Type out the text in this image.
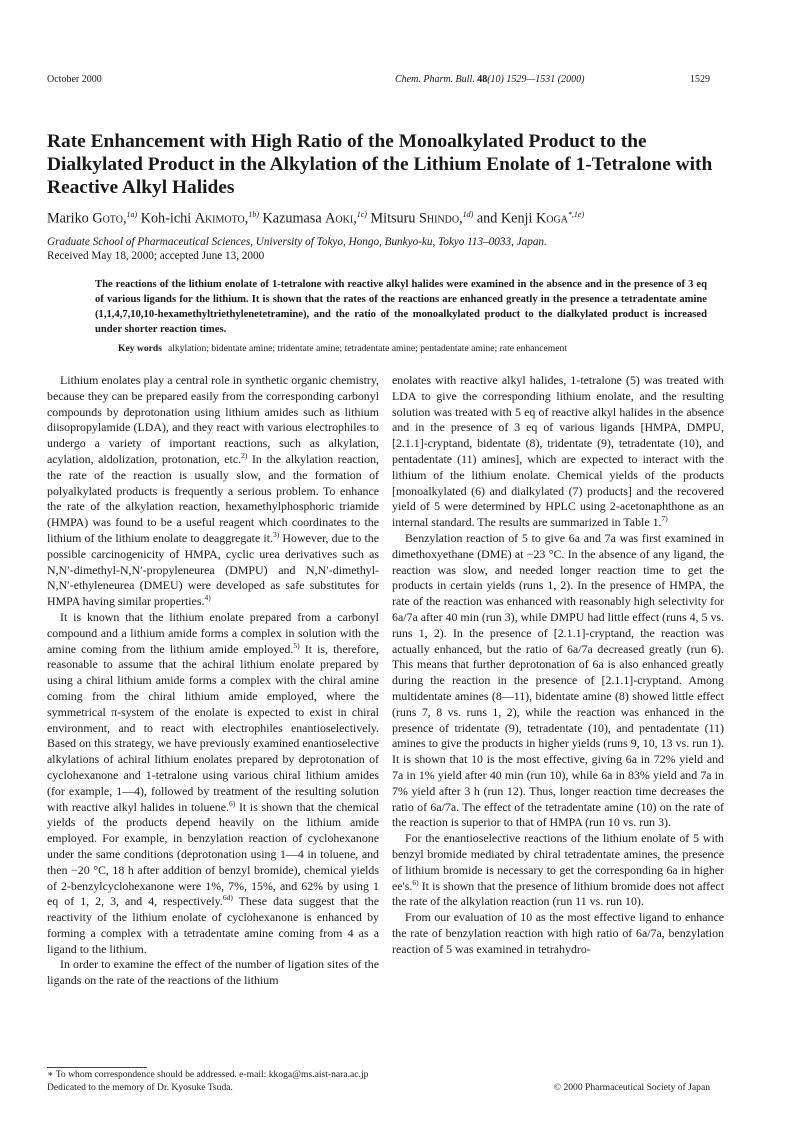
October 2000	Chem. Pharm. Bull. 48(10) 1529—1531 (2000)	1529
Rate Enhancement with High Ratio of the Monoalkylated Product to the Dialkylated Product in the Alkylation of the Lithium Enolate of 1-Tetralone with Reactive Alkyl Halides
Mariko Goto,$^{1a)}$ Koh-ichi Akimoto,$^{1b)}$ Kazumasa Aoki,$^{1c)}$ Mitsuru Shindo,$^{1d)}$ and Kenji Koga$^{*,1e)}$
Graduate School of Pharmaceutical Sciences, University of Tokyo, Hongo, Bunkyo-ku, Tokyo 113–0033, Japan.
Received May 18, 2000; accepted June 13, 2000

The reactions of the lithium enolate of 1-tetralone with reactive alkyl halides were examined in the absence and in the presence of 3 eq of various ligands for the lithium. It is shown that the rates of the reactions are enhanced greatly in the presence a tetradentate amine (1,1,4,7,10,10-hexamethyltriethylenetetramine), and the ratio of the monoalkylated product to the dialkylated product is increased under shorter reaction times.

Key words alkylation; bidentate amine; tridentate amine; tetradentate amine; pentadentate amine; rate enhancement

Lithium enolates play a central role in synthetic organic chemistry, because they can be prepared easily from the corresponding carbonyl compounds by deprotonation using lithium amides such as lithium diisopropylamide (LDA), and they react with various electrophiles to undergo a variety of important reactions, such as alkylation, acylation, aldolization, protonation, etc.$^{2)}$ In the alkylation reaction, the rate of the reaction is usually slow, and the formation of polyalkylated products is frequently a serious problem. To enhance the rate of the alkylation reaction, hexamethylphosphoric triamide (HMPA) was found to be a useful reagent which coordinates to the lithium of the lithium enolate to deaggregate it.$^{3)}$ However, due to the possible carcinogenicity of HMPA, cyclic urea derivatives such as N,N′-dimethyl-N,N′-propyleneurea (DMPU) and N,N′-dimethyl-N,N′-ethyleneurea (DMEU) were developed as safe substitutes for HMPA having similar properties.$^{4)}$

It is known that the lithium enolate prepared from a carbonyl compound and a lithium amide forms a complex in solution with the amine coming from the lithium amide employed.$^{5)}$ It is, therefore, reasonable to assume that the achiral lithium enolate prepared by using a chiral lithium amide forms a complex with the chiral amine coming from the chiral lithium amide employed, where the symmetrical π-system of the enolate is expected to exist in chiral environment, and to react with electrophiles enantioselectively. Based on this strategy, we have previously examined enantioselective alkylations of achiral lithium enolates prepared by deprotonation of cyclohexanone and 1-tetralone using various chiral lithium amides (for example, 1—4), followed by treatment of the resulting solution with reactive alkyl halides in toluene.$^{6)}$ It is shown that the chemical yields of the products depend heavily on the lithium amide employed. For example, in benzylation reaction of cyclohexanone under the same conditions (deprotonation using 1—4 in toluene, and then −20 °C, 18 h after addition of benzyl bromide), chemical yields of 2-benzylcyclohexanone were 1%, 7%, 15%, and 62% by using 1 eq of 1, 2, 3, and 4, respectively.$^{6d)}$ These data suggest that the reactivity of the lithium enolate of cyclohexanone is enhanced by forming a complex with a tetradentate amine coming from 4 as a ligand to the lithium.

In order to examine the effect of the number of ligation sites of the ligands on the rate of the reactions of the lithium

enolates with reactive alkyl halides, 1-tetralone (5) was treated with LDA to give the corresponding lithium enolate, and the resulting solution was treated with 5 eq of reactive alkyl halides in the absence and in the presence of 3 eq of various ligands [HMPA, DMPU, [2.1.1]-cryptand, bidentate (8), tridentate (9), tetradentate (10), and pentadentate (11) amines], which are expected to interact with the lithium of the lithium enolate. Chemical yields of the products [monoalkylated (6) and dialkylated (7) products] and the recovered yield of 5 were determined by HPLC using 2-acetonaphthone as an internal standard. The results are summarized in Table 1.$^{7)}$

Benzylation reaction of 5 to give 6a and 7a was first examined in dimethoxyethane (DME) at −23 °C. In the absence of any ligand, the reaction was slow, and needed longer reaction time to get the products in certain yields (runs 1, 2). In the presence of HMPA, the rate of the reaction was enhanced with reasonably high selectivity for 6a/7a after 40 min (run 3), while DMPU had little effect (runs 4, 5 vs. runs 1, 2). In the presence of [2.1.1]-cryptand, the reaction was actually enhanced, but the ratio of 6a/7a decreased greatly (run 6). This means that further deprotonation of 6a is also enhanced greatly during the reaction in the presence of [2.1.1]-cryptand. Among multidentate amines (8—11), bidentate amine (8) showed little effect (runs 7, 8 vs. runs 1, 2), while the reaction was enhanced in the presence of tridentate (9), tetradentate (10), and pentadentate (11) amines to give the products in higher yields (runs 9, 10, 13 vs. run 1). It is shown that 10 is the most effective, giving 6a in 72% yield and 7a in 1% yield after 40 min (run 10), while 6a in 83% yield and 7a in 7% yield after 3 h (run 12). Thus, longer reaction time decreases the ratio of 6a/7a. The effect of the tetradentate amine (10) on the rate of the reaction is superior to that of HMPA (run 10 vs. run 3).

For the enantioselective reactions of the lithium enolate of 5 with benzyl bromide mediated by chiral tetradentate amines, the presence of lithium bromide is necessary to get the corresponding 6a in higher ee's.$^{6)}$ It is shown that the presence of lithium bromide does not affect the rate of the alkylation reaction (run 11 vs. run 10).

From our evaluation of 10 as the most effective ligand to enhance the rate of benzylation reaction with high ratio of 6a/7a, benzylation reaction of 5 was examined in tetrahydro-

∗ To whom correspondence should be addressed. e-mail: kkoga@ms.aist-nara.ac.jp
Dedicated to the memory of Dr. Kyosuke Tsuda.	© 2000 Pharmaceutical Society of Japan
